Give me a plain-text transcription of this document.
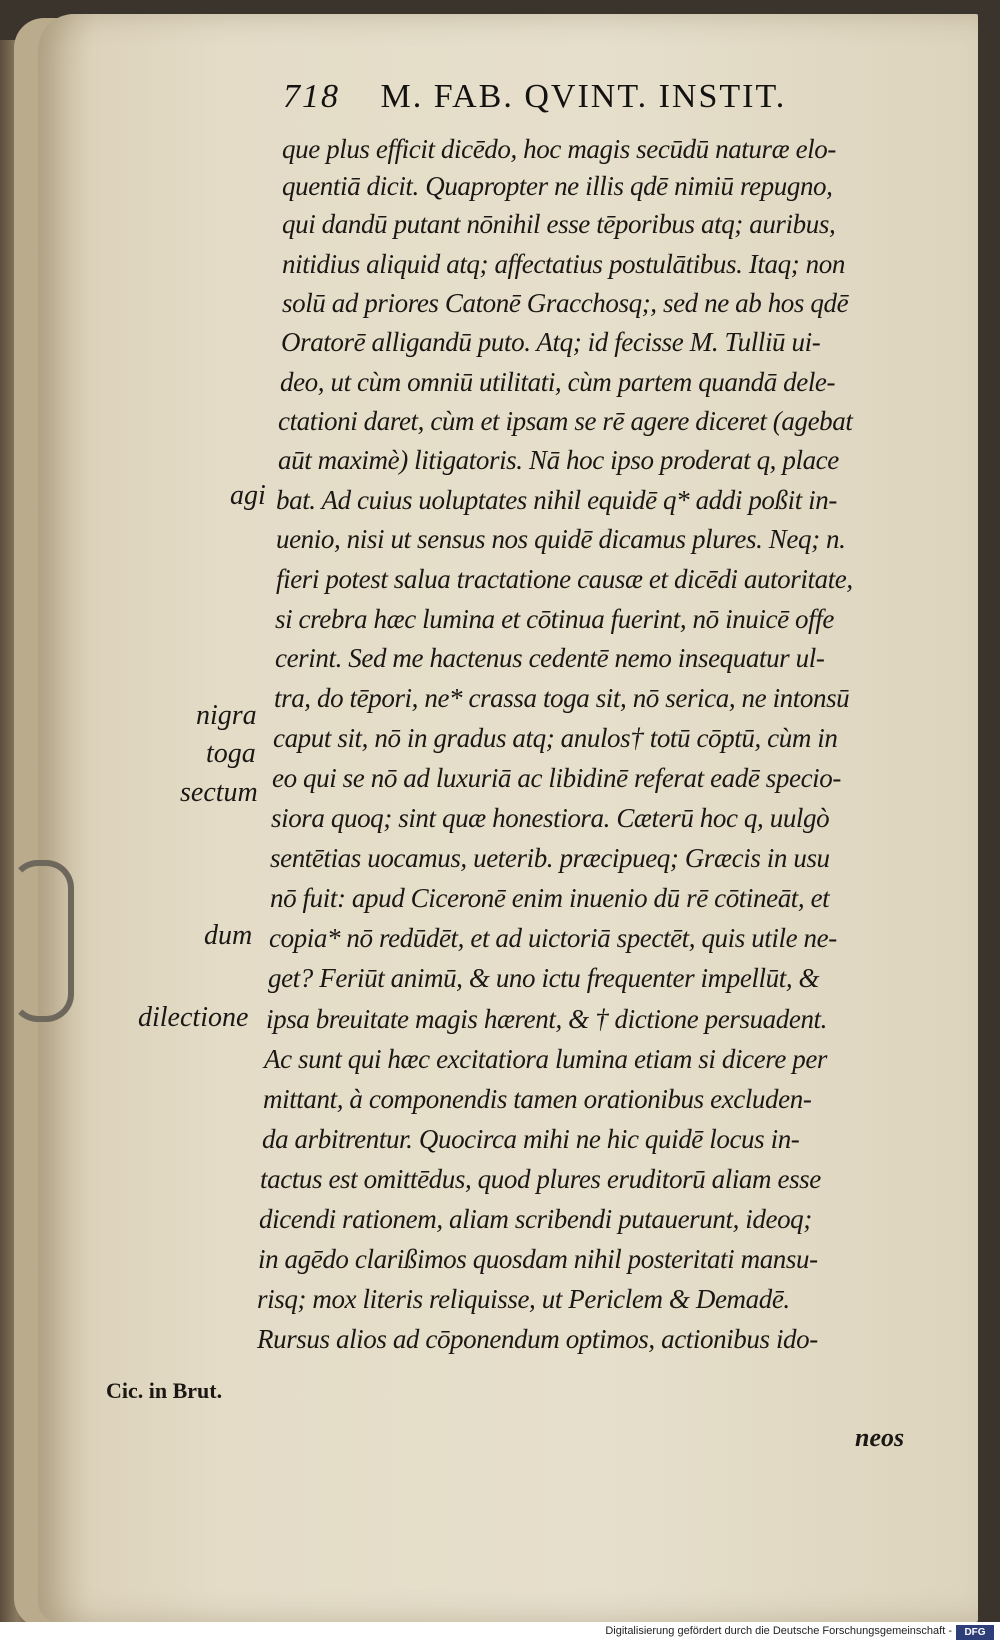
718 M. FAB. QVINT. INSTIT.
que plus efficit dicēdo, hoc magis secūdū naturæ elo-
quentiā dicit. Quapropter ne illis qdē nimiū repugno,
qui dandū putant nōnihil esse tēporibus atq; auribus,
nitidius aliquid atq; affectatius postulātibus. Itaq; non
solū ad priores Catonē Gracchosq;, sed ne ab hos qdē
Oratorē alligandū puto. Atq; id fecisse M. Tulliū ui-
deo, ut cùm omniū utilitati, cùm partem quandā dele-
ctationi daret, cùm et ipsam se rē agere diceret (agebat
aūt maximè) litigatoris. Nā hoc ipso proderat q, place
bat. Ad cuius uoluptates nihil equidē q* addi poßit in-
uenio, nisi ut sensus nos quidē dicamus plures. Neq; n.
fieri potest salua tractatione causæ et dicēdi autoritate,
si crebra hæc lumina et cōtinua fuerint, nō inuicē offe
cerint. Sed me hactenus cedentē nemo insequatur ul-
tra, do tēpori, ne* crassa toga sit, nō serica, ne intonsū
caput sit, nō in gradus atq; anulos† totū cōptū, cùm in
eo qui se nō ad luxuriā ac libidinē referat eadē specio-
siora quoq; sint quæ honestiora. Cæterū hoc q, uulgò
sentētias uocamus, ueterib. præcipueq; Græcis in usu
nō fuit: apud Ciceronē enim inuenio dū rē cōtineāt, et
copia* nō redūdēt, et ad uictoriā spectēt, quis utile ne-
get? Feriūt animū, & uno ictu frequenter impellūt, &
ipsa breuitate magis hærent, & † dictione persuadent.
Ac sunt qui hæc excitatiora lumina etiam si dicere per
mittant, à componendis tamen orationibus excluden-
da arbitrentur. Quocirca mihi ne hic quidē locus in-
tactus est omittēdus, quod plures eruditorū aliam esse
dicendi rationem, aliam scribendi putauerunt, ideoq;
in agēdo clarißimos quosdam nihil posteritati mansu-
risq; mox literis reliquisse, ut Periclem & Demadē.
Rursus alios ad cōponendum optimos, actionibus ido-
agi
nigra
toga
sectum
dum
dilectione
Cic. in Brut.
neos
Digitalisierung gefördert durch die Deutsche Forschungsgemeinschaft -	DFG
